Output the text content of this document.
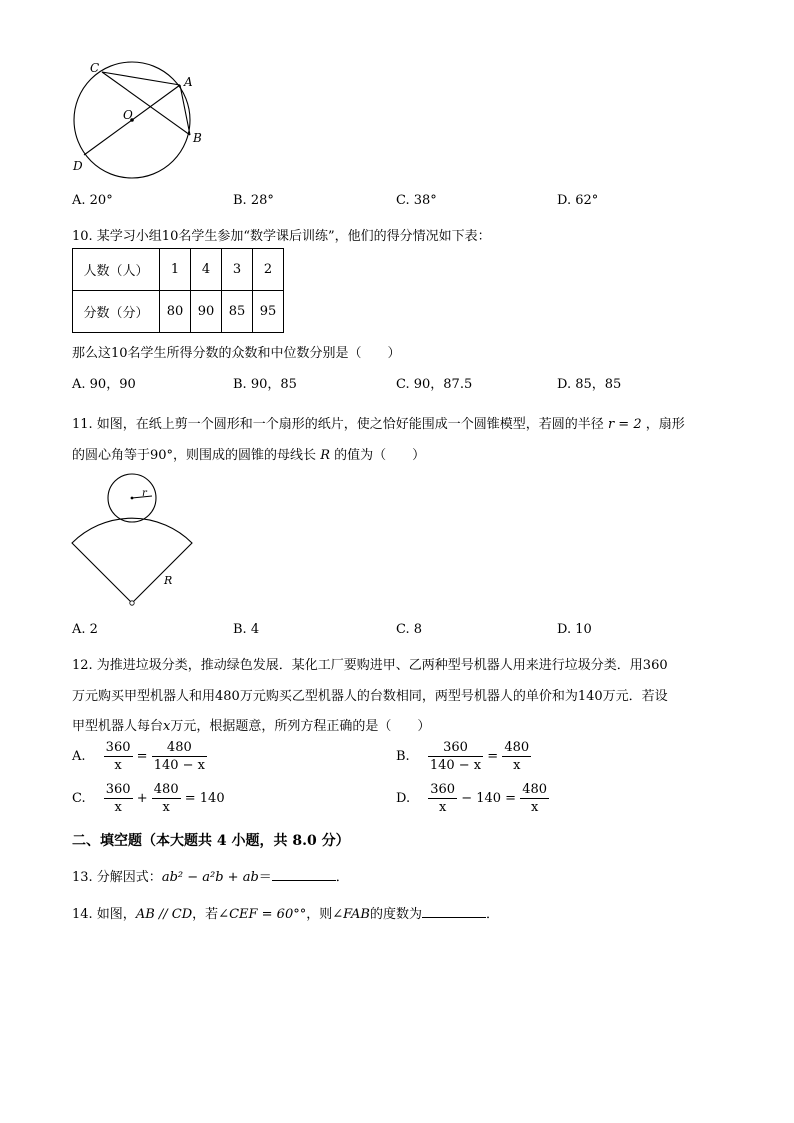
C
A
O
B
D
A. 20°	B. 28°	C. 38°	D. 62°
10. 某学习小组10名学生参加“数学课后训练”，他们的得分情况如下表：
人数（人）	1	4	3	2
分数（分）	80	90	85	95
那么这10名学生所得分数的众数和中位数分别是（　　）
A. 90，90	B. 90，85	C. 90，87.5	D. 85，85
11. 如图，在纸上剪一个圆形和一个扇形的纸片，使之恰好能围成一个圆锥模型，若圆的半径 r = 2 ，扇形
的圆心角等于90°，则围成的圆锥的母线长 R 的值为（　　）
r
R
A. 2	B. 4	C. 8	D. 10
12. 为推进垃圾分类，推动绿色发展．某化工厂要购进甲、乙两种型号机器人用来进行垃圾分类．用360
万元购买甲型机器人和用480万元购买乙型机器人的台数相同，两型号机器人的单价和为140万元．若设
甲型机器人每台x万元，根据题意，所列方程正确的是（　　）
A. $\frac{360}{x} = \frac{480}{140 - x}$	B. $\frac{360}{140 - x} = \frac{480}{x}$
C. $\frac{360}{x} + \frac{480}{x} = 140$	D. $\frac{360}{x} - 140 = \frac{480}{x}$
二、填空题（本大题共 4 小题，共 8.0 分）
13. 分解因式：ab² − a²b + ab＝	．
14. 如图，AB // CD，若∠CEF = 60°°，则∠FAB的度数为	．
